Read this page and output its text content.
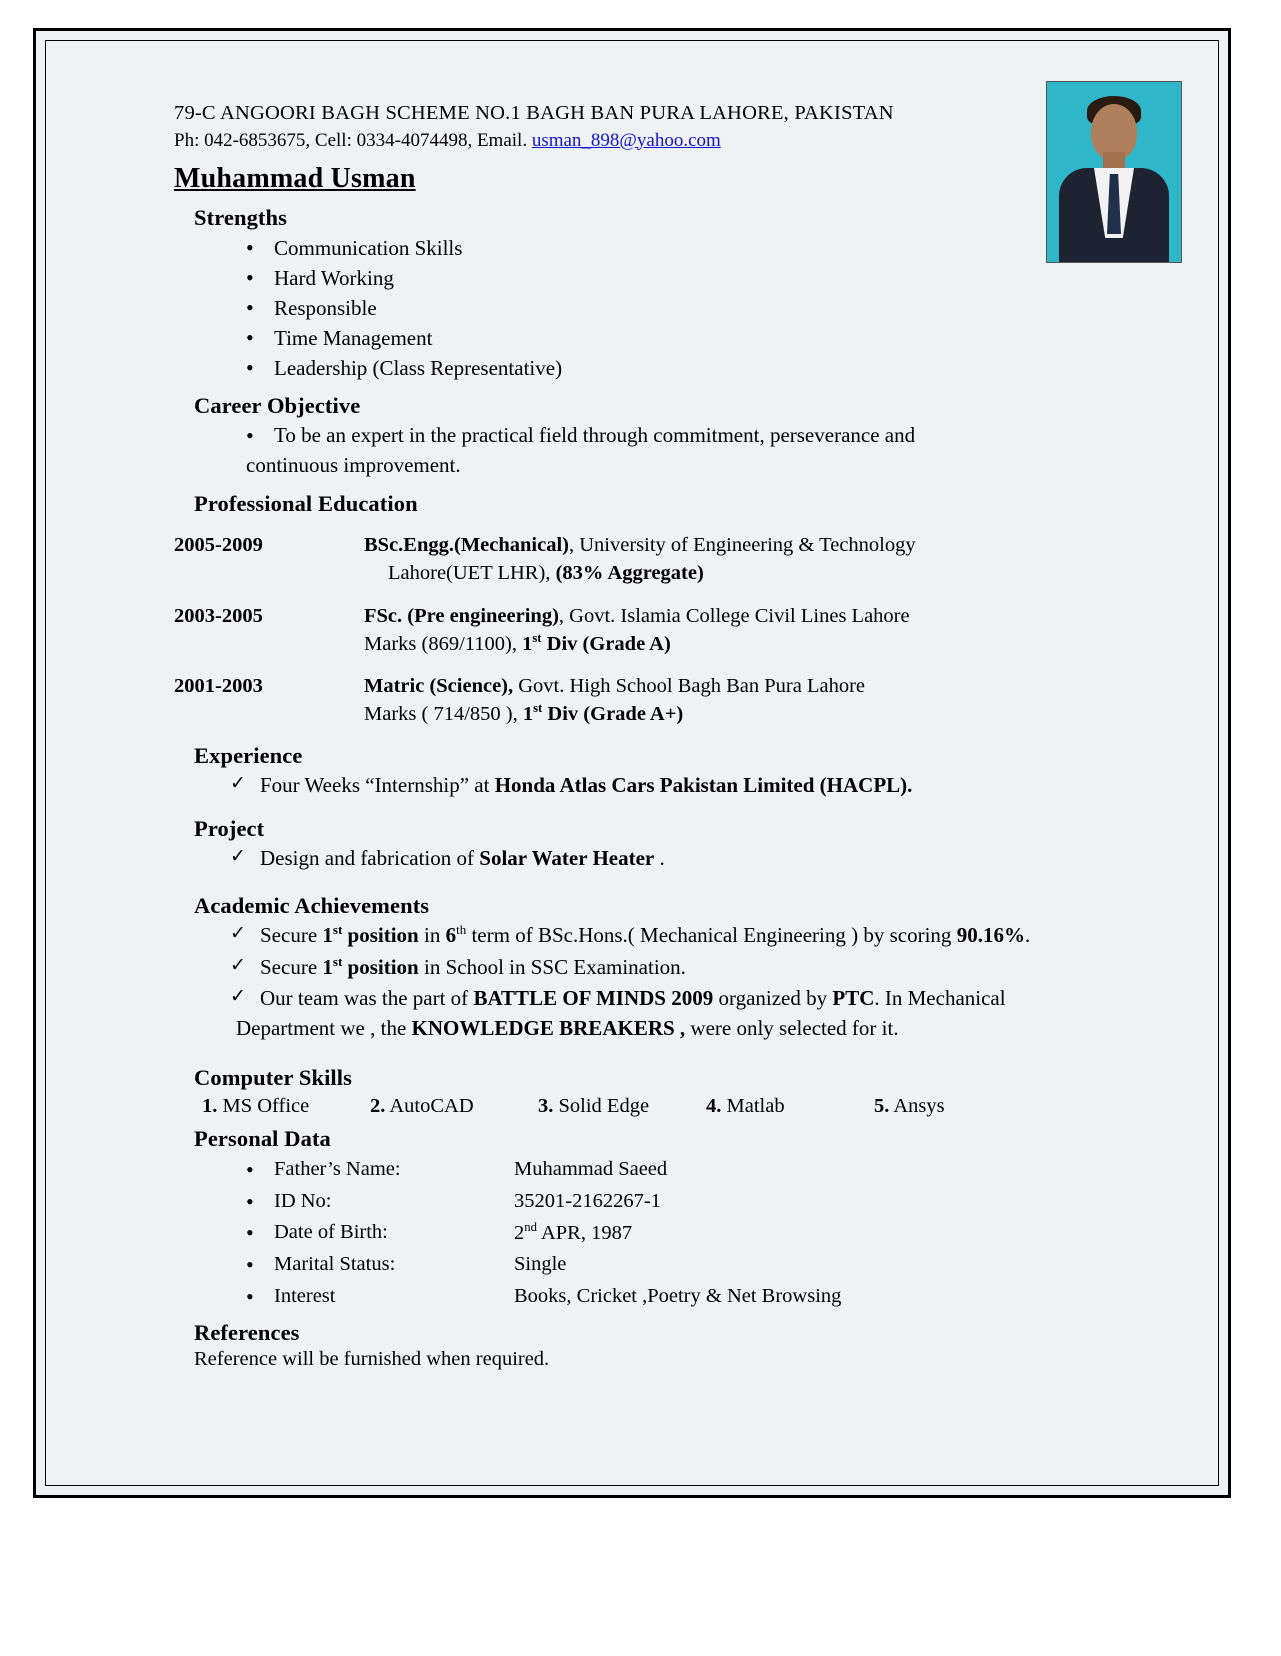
79-C ANGOORI BAGH SCHEME NO.1 BAGH BAN PURA LAHORE, PAKISTAN
Ph: 042-6853675, Cell: 0334-4074498, Email. usman_898@yahoo.com
Muhammad Usman
Strengths
• Communication Skills
• Hard Working
• Responsible
• Time Management
• Leadership (Class Representative)
Career Objective
• To be an expert in the practical field through commitment, perseverance and
continuous improvement.
Professional Education
2005-2009	BSc.Engg.(Mechanical), University of Engineering & Technology
Lahore(UET LHR), (83% Aggregate)
2003-2005	FSc. (Pre engineering), Govt. Islamia College Civil Lines Lahore
Marks (869/1100), 1st Div (Grade A)
2001-2003	Matric (Science), Govt. High School Bagh Ban Pura Lahore
Marks ( 714/850 ), 1st Div (Grade A+)
Experience
✓ Four Weeks “Internship” at Honda Atlas Cars Pakistan Limited (HACPL).
Project
✓ Design and fabrication of Solar Water Heater .
Academic Achievements
✓ Secure 1st position in 6th term of BSc.Hons.( Mechanical Engineering ) by scoring 90.16%.
✓ Secure 1st position in School in SSC Examination.
✓ Our team was the part of BATTLE OF MINDS 2009 organized by PTC. In Mechanical
Department we , the KNOWLEDGE BREAKERS , were only selected for it.
Computer Skills
1. MS Office	2. AutoCAD	3. Solid Edge	4. Matlab	5. Ansys
Personal Data
• Father’s Name:	Muhammad Saeed
• ID No:	35201-2162267-1
• Date of Birth:	2nd APR, 1987
• Marital Status:	Single
• Interest	Books, Cricket ,Poetry & Net Browsing
References
Reference will be furnished when required.
